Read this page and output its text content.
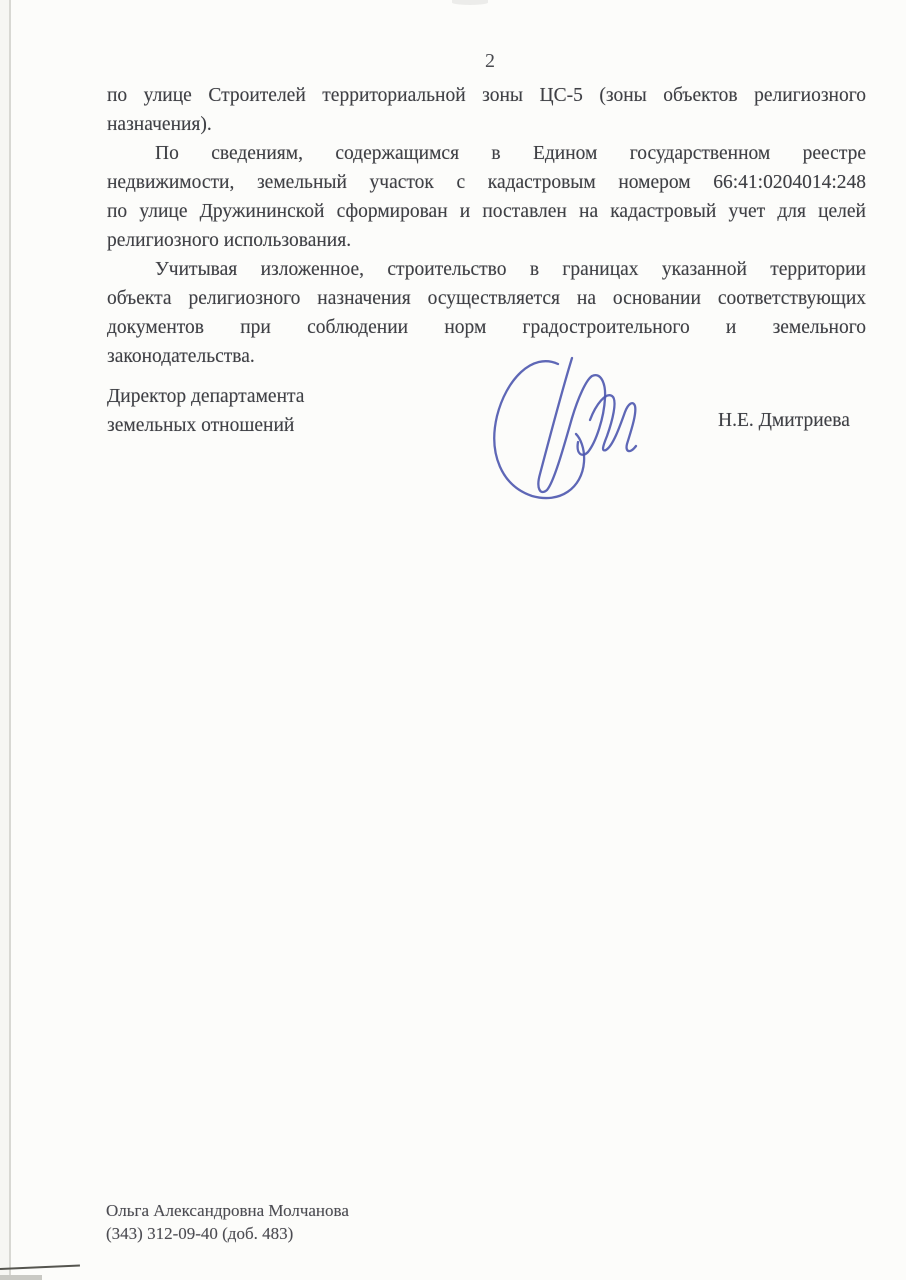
2
по улице Строителей территориальной зоны ЦС-5 (зоны объектов религиозного
назначения).
По сведениям, содержащимся в Едином государственном реестре
недвижимости, земельный участок с кадастровым номером 66:41:0204014:248
по улице Дружининской сформирован и поставлен на кадастровый учет для целей
религиозного использования.
Учитывая изложенное, строительство в границах указанной территории
объекта религиозного назначения осуществляется на основании соответствующих
документов при соблюдении норм градостроительного и земельного
законодательства.
Директор департамента
земельных отношений	Н.Е. Дмитриева
Ольга Александровна Молчанова
(343) 312-09-40 (доб. 483)
